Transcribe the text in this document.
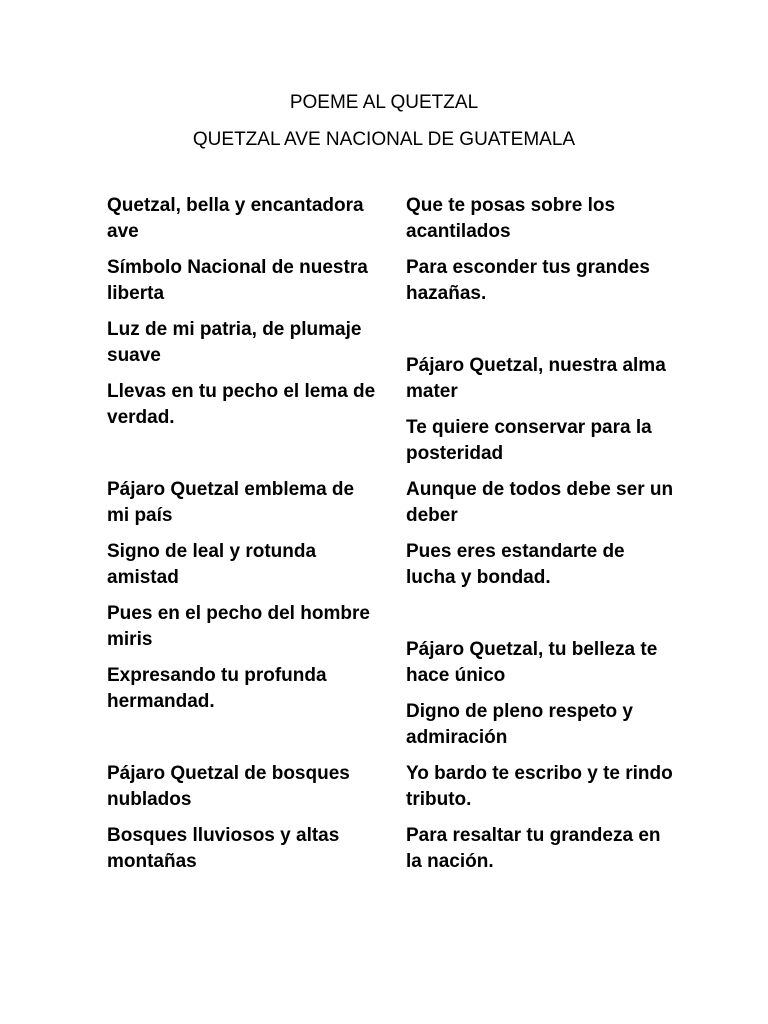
POEME AL QUETZAL
QUETZAL AVE NACIONAL DE GUATEMALA

Quetzal, bella y encantadora ave

Símbolo Nacional de nuestra liberta

Luz de mi patria, de plumaje suave

Llevas en tu pecho el lema de verdad.

Pájaro Quetzal emblema de mi país

Signo de leal y rotunda amistad

Pues en el pecho del hombre miris

Expresando tu profunda hermandad.

Pájaro Quetzal de bosques nublados

Bosques lluviosos y altas montañas

Que te posas sobre los acantilados

Para esconder tus grandes hazañas.

Pájaro Quetzal, nuestra alma mater

Te quiere conservar para la posteridad

Aunque de todos debe ser un deber

Pues eres estandarte de lucha y bondad.

Pájaro Quetzal, tu belleza te hace único

Digno de pleno respeto y admiración

Yo bardo te escribo y te rindo tributo.

Para resaltar tu grandeza en la nación.
